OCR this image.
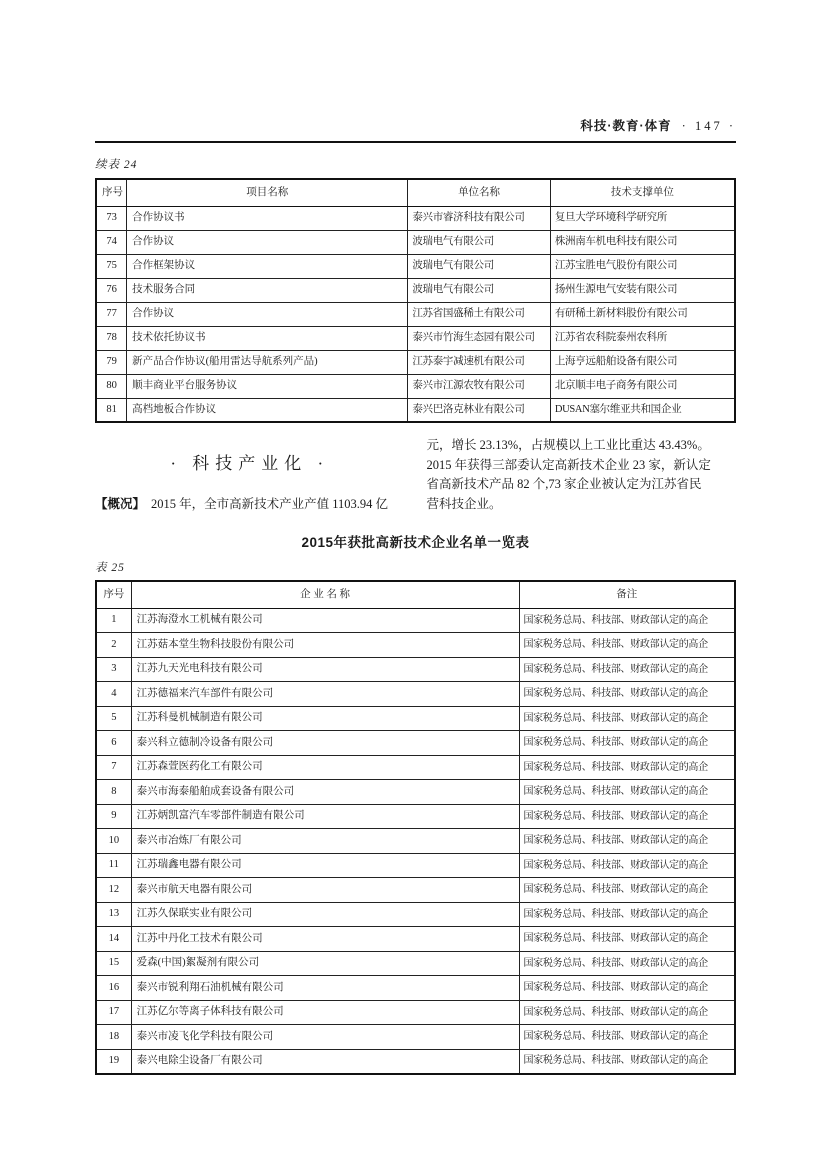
科技·教育·体育 · 147 ·
续表 24
序号	项目名称	单位名称	技术支撑单位
73	合作协议书	泰兴市睿济科技有限公司	复旦大学环境科学研究所
74	合作协议	波瑞电气有限公司	株洲南车机电科技有限公司
75	合作框架协议	波瑞电气有限公司	江苏宝胜电气股份有限公司
76	技术服务合同	波瑞电气有限公司	扬州生源电气安装有限公司
77	合作协议	江苏省国盛稀土有限公司	有研稀土新材料股份有限公司
78	技术依托协议书	泰兴市竹海生态园有限公司	江苏省农科院泰州农科所
79	新产品合作协议(船用雷达导航系列产品)	江苏泰宇减速机有限公司	上海亨远船舶设备有限公司
80	顺丰商业平台服务协议	泰兴市江源农牧有限公司	北京顺丰电子商务有限公司
81	高档地板合作协议	泰兴巴洛克林业有限公司	DUSAN塞尔维亚共和国企业
· 科技产业化 ·
【概况】 2015 年，全市高新技术产业产值 1103.94 亿
元，增长 23.13%，占规模以上工业比重达 43.43%。
2015 年获得三部委认定高新技术企业 23 家，新认定
省高新技术产品 82 个,73 家企业被认定为江苏省民
营科技企业。
2015年获批高新技术企业名单一览表
表 25
序号	企 业 名 称	备注
1	江苏海澄水工机械有限公司	国家税务总局、科技部、财政部认定的高企
2	江苏菇本堂生物科技股份有限公司	国家税务总局、科技部、财政部认定的高企
3	江苏九天光电科技有限公司	国家税务总局、科技部、财政部认定的高企
4	江苏德福来汽车部件有限公司	国家税务总局、科技部、财政部认定的高企
5	江苏科曼机械制造有限公司	国家税务总局、科技部、财政部认定的高企
6	泰兴科立德制冷设备有限公司	国家税务总局、科技部、财政部认定的高企
7	江苏森萱医药化工有限公司	国家税务总局、科技部、财政部认定的高企
8	泰兴市海泰船舶成套设备有限公司	国家税务总局、科技部、财政部认定的高企
9	江苏炳凯富汽车零部件制造有限公司	国家税务总局、科技部、财政部认定的高企
10	泰兴市冶炼厂有限公司	国家税务总局、科技部、财政部认定的高企
11	江苏瑞鑫电器有限公司	国家税务总局、科技部、财政部认定的高企
12	泰兴市航天电器有限公司	国家税务总局、科技部、财政部认定的高企
13	江苏久保联实业有限公司	国家税务总局、科技部、财政部认定的高企
14	江苏中丹化工技术有限公司	国家税务总局、科技部、财政部认定的高企
15	爱森(中国)絮凝剂有限公司	国家税务总局、科技部、财政部认定的高企
16	泰兴市锐利翔石油机械有限公司	国家税务总局、科技部、财政部认定的高企
17	江苏亿尔等离子体科技有限公司	国家税务总局、科技部、财政部认定的高企
18	泰兴市凌飞化学科技有限公司	国家税务总局、科技部、财政部认定的高企
19	泰兴电除尘设备厂有限公司	国家税务总局、科技部、财政部认定的高企
